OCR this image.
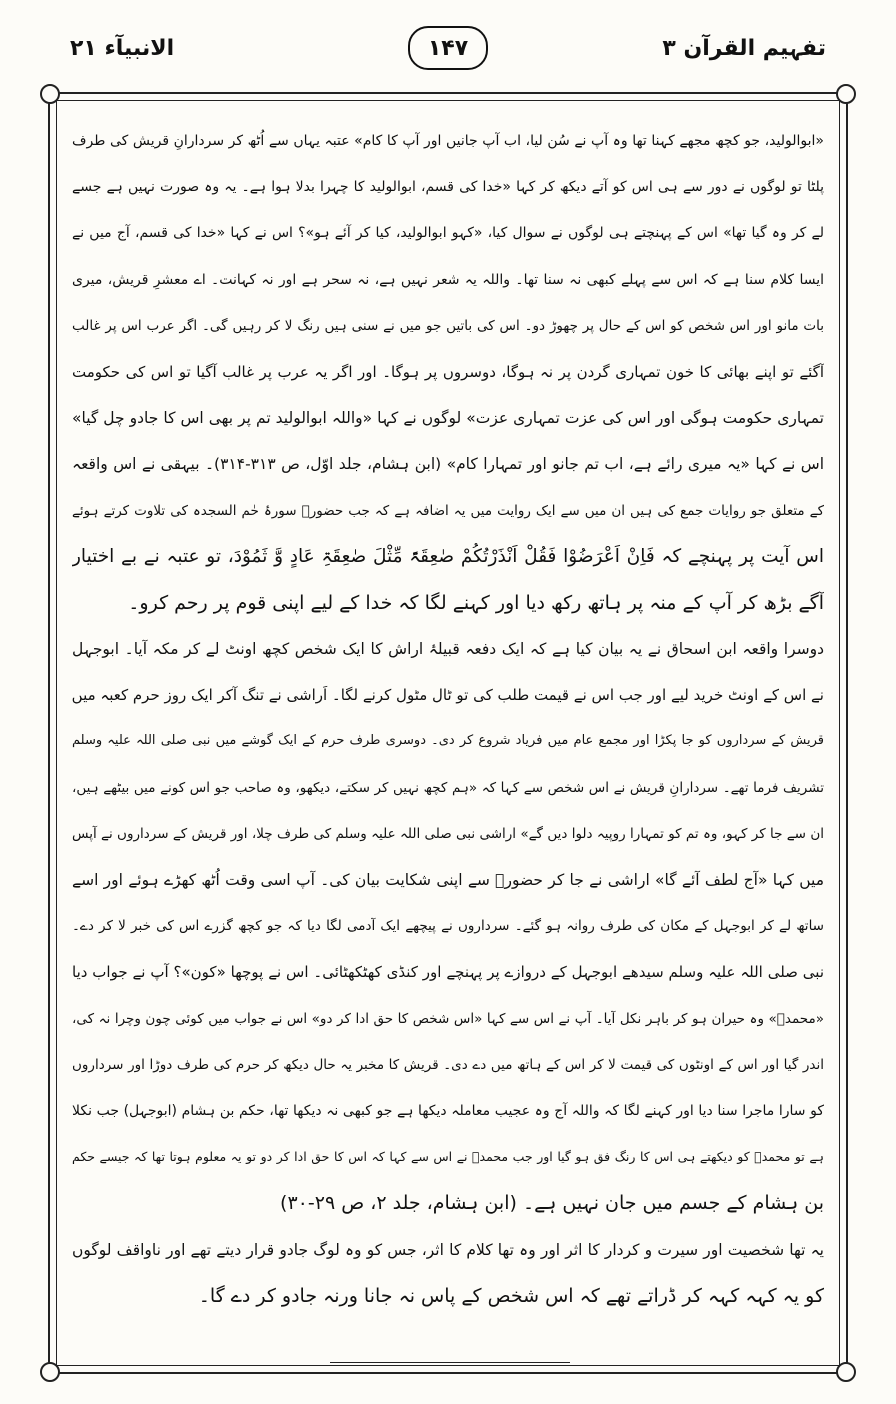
الانبیآء ۲۱	۱۴۷	تفہیم القرآن ۳
«ابوالولید، جو کچھ مجھے کہنا تھا وہ آپ نے سُن لیا، اب آپ جانیں اور آپ کا کام» عتبہ یہاں سے اُٹھ کر سردارانِ قریش کی طرف
پلٹا تو لوگوں نے دور سے ہی اس کو آتے دیکھ کر کہا «خدا کی قسم، ابوالولید کا چہرا بدلا ہوا ہے۔ یہ وہ صورت نہیں ہے جسے
لے کر وہ گیا تھا» اس کے پہنچتے ہی لوگوں نے سوال کیا، «کہو ابوالولید، کیا کر آئے ہو»؟ اس نے کہا «خدا کی قسم، آج میں نے
ایسا کلام سنا ہے کہ اس سے پہلے کبھی نہ سنا تھا۔ واللہ یہ شعر نہیں ہے، نہ سحر ہے اور نہ کہانت۔ اے معشرِ قریش، میری
بات مانو اور اس شخص کو اس کے حال پر چھوڑ دو۔ اس کی باتیں جو میں نے سنی ہیں رنگ لا کر رہیں گی۔ اگر عرب اس پر غالب
آگئے تو اپنے بھائی کا خون تمہاری گردن پر نہ ہوگا، دوسروں پر ہوگا۔ اور اگر یہ عرب پر غالب آگیا تو اس کی حکومت
تمہاری حکومت ہوگی اور اس کی عزت تمہاری عزت» لوگوں نے کہا «واللہ ابوالولید تم پر بھی اس کا جادو چل گیا»
اس نے کہا «یہ میری رائے ہے، اب تم جانو اور تمہارا کام» (ابن ہشام، جلد اوّل، ص ۳۱۳-۳۱۴)۔ بیہقی نے اس واقعہ
کے متعلق جو روایات جمع کی ہیں ان میں سے ایک روایت میں یہ اضافہ ہے کہ جب حضورؐ سورۂ حٰم السجدہ کی تلاوت کرتے ہوئے
اس آیت پر پہنچے کہ فَاِنْ اَعْرَضُوْا فَقُلْ اَنْذَرْتُکُمْ صٰعِقَۃً مِّثْلَ صٰعِقَۃِ عَادٍ وَّ ثَمُوْدَ، تو عتبہ نے بے اختیار
آگے بڑھ کر آپ کے منہ پر ہاتھ رکھ دیا اور کہنے لگا کہ خدا کے لیے اپنی قوم پر رحم کرو۔
دوسرا واقعہ ابن اسحاق نے یہ بیان کیا ہے کہ ایک دفعہ قبیلۂ اراش کا ایک شخص کچھ اونٹ لے کر مکہ آیا۔ ابوجہل
نے اس کے اونٹ خرید لیے اور جب اس نے قیمت طلب کی تو ٹال مٹول کرنے لگا۔ اَراشی نے تنگ آکر ایک روز حرم کعبہ میں
قریش کے سرداروں کو جا پکڑا اور مجمع عام میں فریاد شروع کر دی۔ دوسری طرف حرم کے ایک گوشے میں نبی صلی اللہ علیہ وسلم
تشریف فرما تھے۔ سردارانِ قریش نے اس شخص سے کہا کہ «ہم کچھ نہیں کر سکتے، دیکھو، وہ صاحب جو اس کونے میں بیٹھے ہیں،
ان سے جا کر کہو، وہ تم کو تمہارا روپیہ دلوا دیں گے» اراشی نبی صلی اللہ علیہ وسلم کی طرف چلا، اور قریش کے سرداروں نے آپس
میں کہا «آج لطف آئے گا» اراشی نے جا کر حضورؐ سے اپنی شکایت بیان کی۔ آپ اسی وقت اُٹھ کھڑے ہوئے اور اسے
ساتھ لے کر ابوجہل کے مکان کی طرف روانہ ہو گئے۔ سرداروں نے پیچھے ایک آدمی لگا دیا کہ جو کچھ گزرے اس کی خبر لا کر دے۔
نبی صلی اللہ علیہ وسلم سیدھے ابوجہل کے دروازے پر پہنچے اور کنڈی کھٹکھٹائی۔ اس نے پوچھا «کون»؟ آپ نے جواب دیا
«محمدؐ» وہ حیران ہو کر باہر نکل آیا۔ آپ نے اس سے کہا «اس شخص کا حق ادا کر دو» اس نے جواب میں کوئی چون وچرا نہ کی،
اندر گیا اور اس کے اونٹوں کی قیمت لا کر اس کے ہاتھ میں دے دی۔ قریش کا مخبر یہ حال دیکھ کر حرم کی طرف دوڑا اور سرداروں
کو سارا ماجرا سنا دیا اور کہنے لگا کہ واللہ آج وہ عجیب معاملہ دیکھا ہے جو کبھی نہ دیکھا تھا، حکم بن ہشام (ابوجہل) جب نکلا
ہے تو محمدؐ کو دیکھتے ہی اس کا رنگ فق ہو گیا اور جب محمدؐ نے اس سے کہا کہ اس کا حق ادا کر دو تو یہ معلوم ہوتا تھا کہ جیسے حکم
بن ہشام کے جسم میں جان نہیں ہے۔ (ابن ہشام، جلد ۲، ص ۲۹-۳۰)
یہ تھا شخصیت اور سیرت و کردار کا اثر اور وہ تھا کلام کا اثر، جس کو وہ لوگ جادو قرار دیتے تھے اور ناواقف لوگوں
کو یہ کہہ کہہ کر ڈراتے تھے کہ اس شخص کے پاس نہ جانا ورنہ جادو کر دے گا۔
